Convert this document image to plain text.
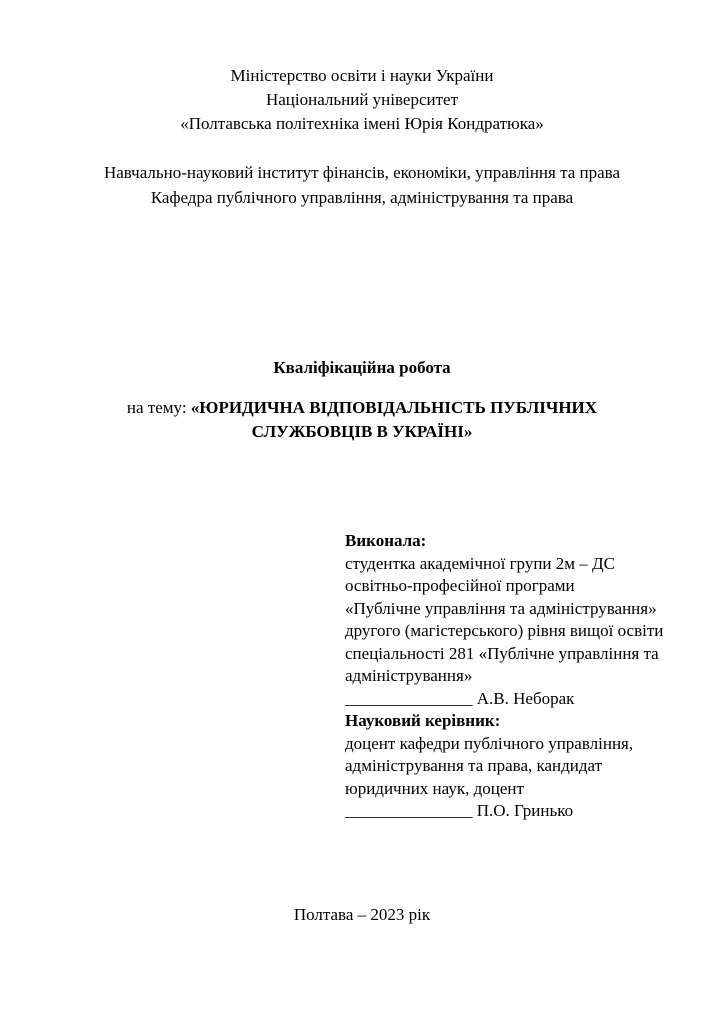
Міністерство освіти і науки України
Національний університет
«Полтавська політехніка імені Юрія Кондратюка»
Навчально-науковий інститут фінансів, економіки, управління та права
Кафедра публічного управління, адміністрування та права
Кваліфікаційна робота
на тему: «ЮРИДИЧНА ВІДПОВІДАЛЬНІСТЬ ПУБЛІЧНИХ СЛУЖБОВЦІВ В УКРАЇНІ»
Виконала:
студентка академічної групи 2м – ДС
освітньо-професійної програми
«Публічне управління та адміністрування»
другого (магістерського) рівня вищої освіти
спеціальності 281 «Публічне управління та
адміністрування»
_______________ А.В. Неборак
Науковий керівник:
доцент кафедри публічного управління,
адміністрування та права, кандидат
юридичних наук, доцент
_______________ П.О. Гринько
Полтава – 2023 рік
